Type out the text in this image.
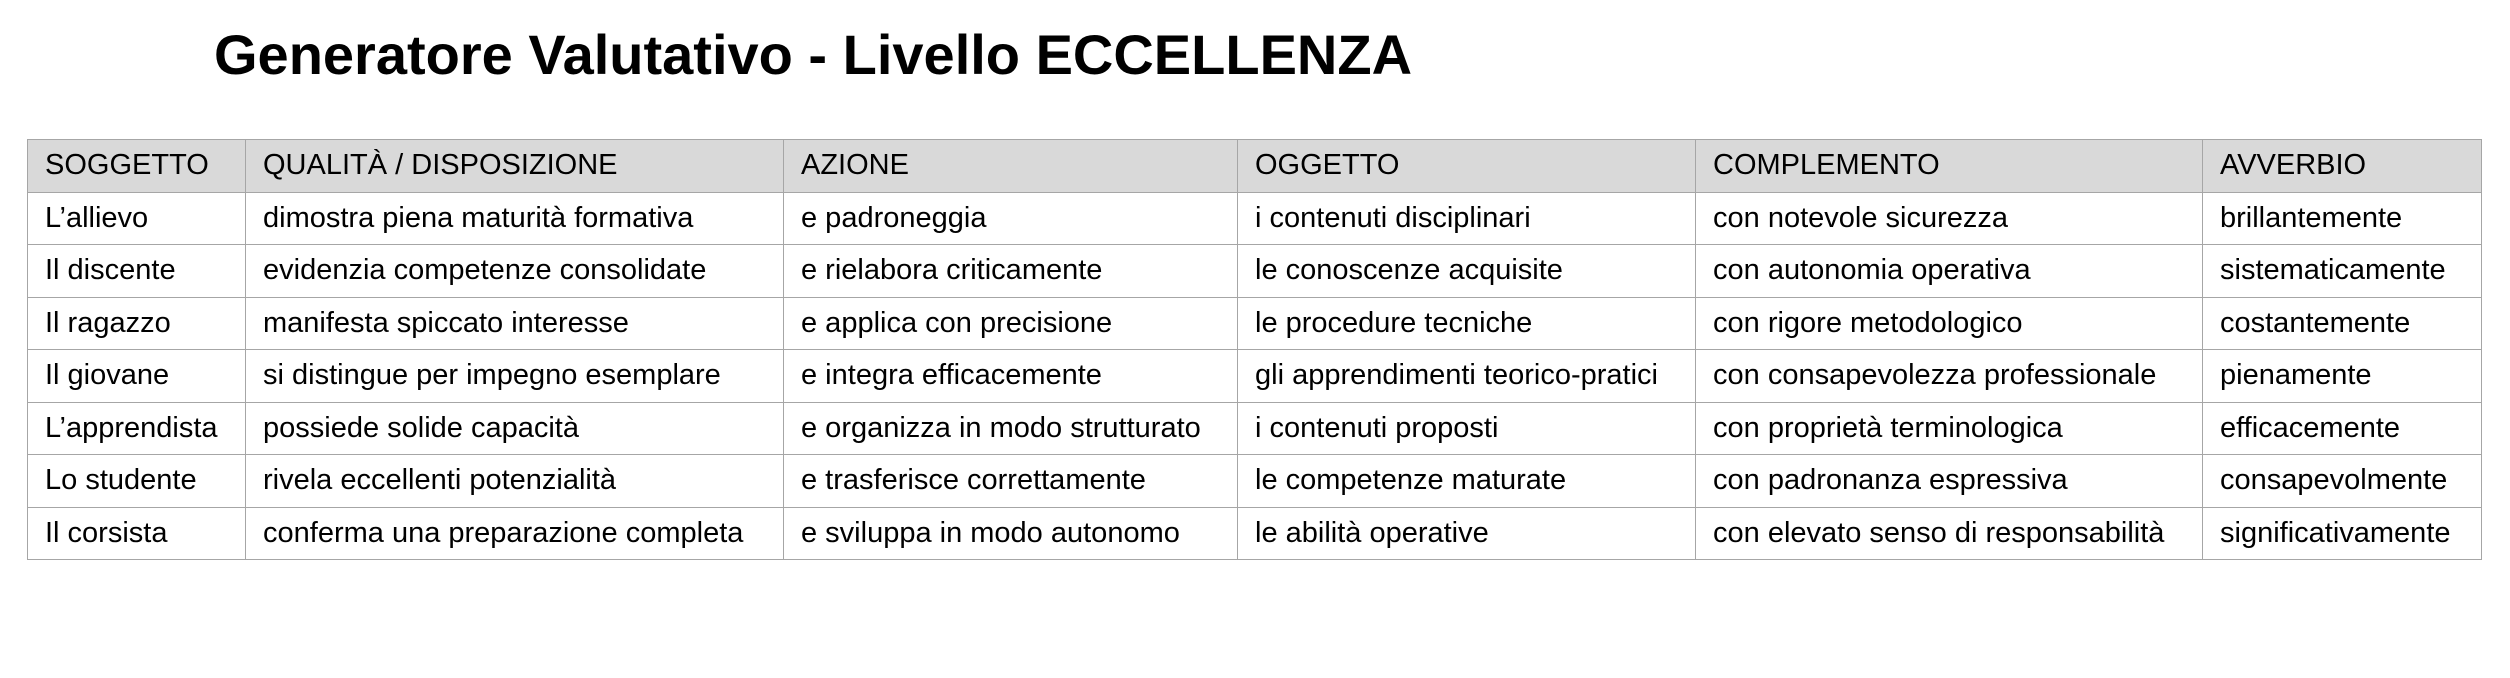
Generatore Valutativo - Livello ECCELLENZA
SOGGETTO	QUALITÀ / DISPOSIZIONE	AZIONE	OGGETTO	COMPLEMENTO	AVVERBIO
L’allievo	dimostra piena maturità formativa	e padroneggia	i contenuti disciplinari	con notevole sicurezza	brillantemente
Il discente	evidenzia competenze consolidate	e rielabora criticamente	le conoscenze acquisite	con autonomia operativa	sistematicamente
Il ragazzo	manifesta spiccato interesse	e applica con precisione	le procedure tecniche	con rigore metodologico	costantemente
Il giovane	si distingue per impegno esemplare	e integra efficacemente	gli apprendimenti teorico-pratici	con consapevolezza professionale	pienamente
L’apprendista	possiede solide capacità	e organizza in modo strutturato	i contenuti proposti	con proprietà terminologica	efficacemente
Lo studente	rivela eccellenti potenzialità	e trasferisce correttamente	le competenze maturate	con padronanza espressiva	consapevolmente
Il corsista	conferma una preparazione completa	e sviluppa in modo autonomo	le abilità operative	con elevato senso di responsabilità	significativamente
